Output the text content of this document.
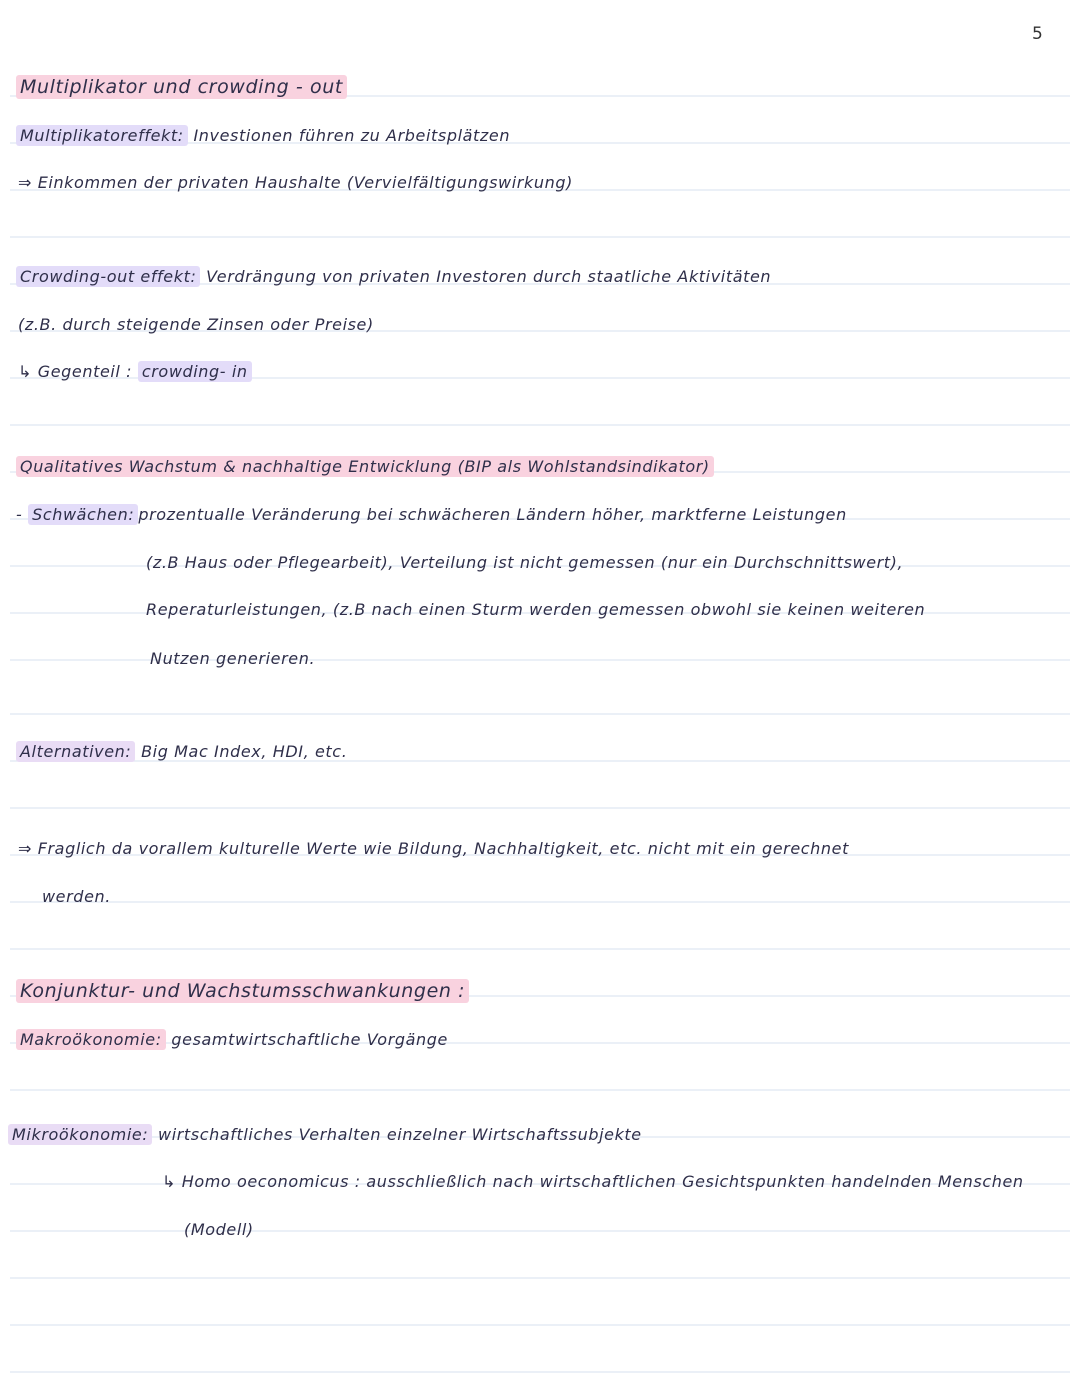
5
Multiplikator und crowding - out
Multiplikatoreffekt: Investionen führen zu Arbeitsplätzen
⇒ Einkommen der privaten Haushalte (Vervielfältigungswirkung)
Crowding-out effekt: Verdrängung von privaten Investoren durch staatliche Aktivitäten
(z.B. durch steigende Zinsen oder Preise)
↳ Gegenteil : crowding- in
Qualitatives Wachstum & nachhaltige Entwicklung (BIP als Wohlstandsindikator)
- Schwächen: prozentualle Veränderung bei schwächeren Ländern höher, marktferne Leistungen
(z.B Haus oder Pflegearbeit), Verteilung ist nicht gemessen (nur ein Durchschnittswert),
Reperaturleistungen, (z.B nach einen Sturm werden gemessen obwohl sie keinen weiteren
Nutzen generieren.
Alternativen: Big Mac Index, HDI, etc.
⇒ Fraglich da vorallem kulturelle Werte wie Bildung, Nachhaltigkeit, etc. nicht mit ein gerechnet
werden.
Konjunktur- und Wachstumsschwankungen :
Makroökonomie: gesamtwirtschaftliche Vorgänge
Mikroökonomie: wirtschaftliches Verhalten einzelner Wirtschaftssubjekte
↳ Homo oeconomicus : ausschließlich nach wirtschaftlichen Gesichtspunkten handelnden Menschen
(Modell)
